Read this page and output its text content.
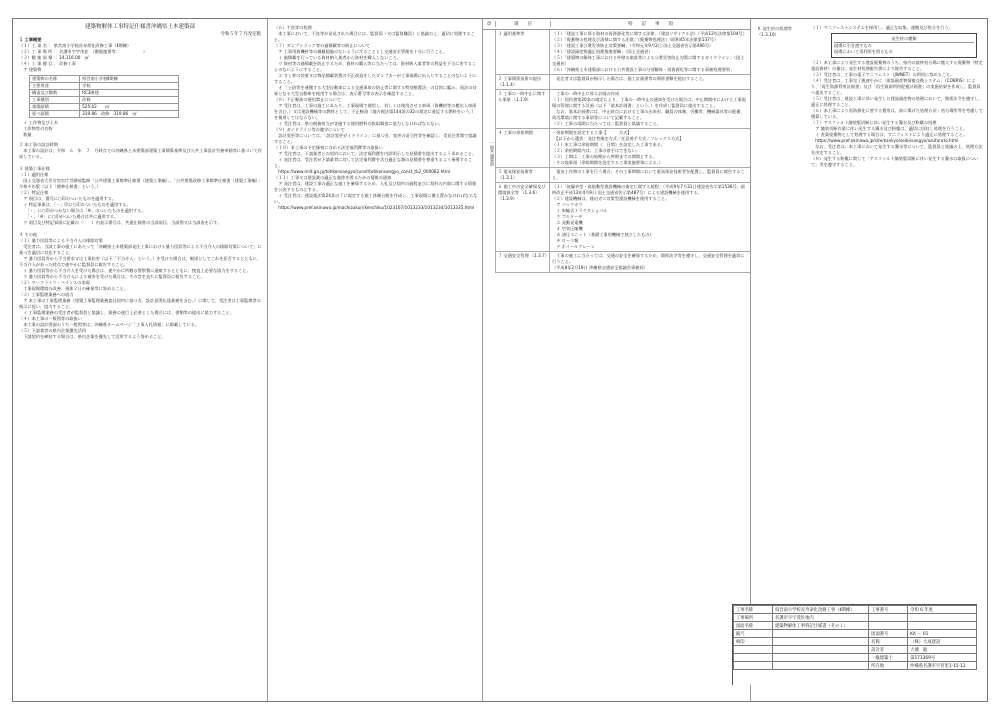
建築物解体工事特記仕様書沖縄県土木建築部
令和５年７月改定版
１ 工事概要
（１）工 事 名 ： 県営南小学校長寿命化改修工事（Ⅱ期棟）
（２）工 事 場 所 ： 名護市字宇茂佐　（敷地地番等：　　　　　　）
（３）敷 地 面 積 ： 14,116.00　㎡
（４）工 事 種 目 ： 改修工事
　ア 建築物
建築物の名称	県営南小学校Ⅱ期棟
主要用途	学校
構造及び階数	RC3階建
工事種別	改修
建築面積	525.02　　㎡
延べ面積	319.86　改修　319.86　㎡
　イ 工作物及び土木
　工作物等の名称
　数量
２ 本工事の設計時期
　本工事の設計は、令和　６　年　７　月時点での沖縄県土木建築部建築工事積算基準及び公共工事設計労務単価等に基づいて作成している。

３ 建築工事仕様
（１）適用仕様
　国土交通省大臣官房官庁営繕部監修「公共建築工事標準仕様書（建築工事編）」、「公共建築改修工事標準仕様書（建築工事編）」令和４年版（以下「標準仕様書」という。）
（２）特記仕様
　ア 項目は、番号に○印のついたものを適用する。
　イ 特記事項は、「・」印に○印のついたものを適用する。
　　「・」に○印がつかない場合は「※」のついたものを適用する。
　　「・」「※」に○印がついた場合は共に適用する。
　ウ 項目及び特記事項に記載の（　　）内表示番号は、共通仕様書の当該項目、当該図又は当該表を示す。

４ その他
（１）暴力団員等による不当介入の排除対策
　受注者は、当該工事の施工にあたって「沖縄県土木建築部発注工事における暴力団員等による不当介入の排除対策について」に基づき適切に対応すること。
　ア 暴力団員等から不当要求又は工事妨害（以下「不当介入」という。）を受けた場合は、断固としてこれを拒否するとともに、不当介入があった時点で速やかに監督員に報告すること。
　イ 暴力団員等から不当介入を受けた場合は、速やかに所轄の警察署に通報するとともに、捜査上必要な協力をすること。
　ウ 暴力団員等から不当介入による被害を受けた場合は、その旨を直ちに監督員に報告すること。
（２）ワークライフ・バランスの実現
　工事現場環境の改善、週休２日の確保等に努めること。
（３）工事監理業務への協力
　ア 本工事の工事監理業務（建築工事監理業務委託契約に基づき、設計意図伝達業務を含む。）に関して、受注者は工事監理者の指示に従い、協力すること。
　イ 工事監理業務の受注者が監督員と協議し、業務の遂行上必要とした場合には、書類等の提出に協力すること。
（４）本工事の一般図等の取扱い
　本工事の設計図面のうち一般図等は、沖縄県ホームページ「工事入札情報」に掲載している。
（５）下請業者の県内企業優先活用
　下請契約を締結する場合は、県内企業を優先して活用するよう努めること。
（６）不良等の処理
　本工事において、不良等が発見された場合には、監督員（又は監督職員）と協議の上、適切に処理すること。
（７）ダンプトラック等の過積載等の防止について
　ア 工事用資機材等の積載超過のないようにすることとし交通安全管理を十分に行うこと。
　イ 過積載を行っている資材納入業者から資材を購入しないこと。
　ウ 資材等の過積載を防止するため、資材の購入等に当たっては、資材納入業者等の利益を不当に害することのないようにすること。
　エ さし枠の装着又は物品積載装置の不正改造をしたダンプカーが工事現場に出入りすることのないようにすること。
　オ 「土砂等を運搬する大型自動車による交通事故の防止等に関する特別措置法」の目的に鑑み、同法の対象となる大型自動車を使用する場合は、表示番号等の表示を確認すること。
（８）不正軽油の使用禁止について
　ア 受注者は、工事の施工にあたり、工事現場で使用し、若しくは使用させる車両（資機材等の搬出入車両を含む。）又は建設機械等の燃料として、不正軽油（地方税法第144条の32の規定に違反する燃料をいう。）を使用してはならない。
　イ 受注者は、県の税務担当が実施する使用燃料の抜取調査に協力しなければならない。
（９）ガイドライン等の遵守について
　設計変更等については、「設計変更ガイドライン」に基づき、変更の妥当性等を確認し、受発注者間で協議すること。
（１０）本工事の予定価格に含める法定福利費等の取扱い
　ア 受注者は、下請業者との契約において、法定福利費を内訳明示した見積書を提出するよう求めること。
　イ 発注者は、受注者が下請業者に対して法定福利費を含む適正な額の見積書を尊重するよう指導すること。
　https://www.mlit.go.jp/totikensangyo/const/totikensangyo_const_tk2_000082.html
（１１）工事又は建設業の適正な進捗を図るための情報の通知
　ア 発注者は、建設工事の適正な施工を確保するため、入札及び契約の過程並びに契約の内容に関する情報を公表するものとする。
　イ 受注者は、建設業法第24条の７に規定する施工体制台帳を作成し、工事現場に備え置かなければならない。
　https://www.pref.okinawa.jp/machizukuri/kenchiku/1023167/1013233/1013234/1013335.html
章	項　　目	特　　記　　事　　項
一般共通事項
１ 適用基準等	（１）「建設工事に係る資材の再資源化等に関する法律」（建設リサイクル法）（平成12年法律第104号）
（２）「廃棄物の処理及び清掃に関する法律」（廃棄物処理法）（昭和45年法律第137号）
（３）「建設工事公衆災害防止対策要綱」（令和元年9月2日 国土交通省告示第496号）
（４）「建設副産物適正処理推進要綱」（国土交通省）
（５）「建築物の解体工事における外壁の崩落等による公衆災害防止対策に関するガイドライン」（国土交通省）
（６）「沖縄県土木建築部における公共建設工事の分別解体・再資源化等に関する事務処理要領」
２ 工事関係技術の提出 （1.1.4）
　発注者又は監督員が指示した場合は、施工計画書等の関係書類を提出すること。
３ 工事の一時中止に関する事項 （1.1.9）
　工事の一時中止に係る計画の作成
（１）契約書第20条の規定により、工事の一時中止の通知を受けた場合は、中止期間中における工事現場の管理に関する計画（以下「基本計画書」という。）を作成し監督員に提出すること。
　なお、基本計画書には、中止時点における工事の出来形、職員の体制、労働者、機械器具等の配備、周辺環境に関する事項等について記載すること。
（２）工事の再開に当たっては、監督員と協議すること。
４ 工事の余裕期間	・余裕期間を設定する工事【　　　方式】
　【以下から選択：発注者指定方式／任意着手方式／フレックス方式】
（１）本工事は余裕期間（　日間）を設定した工事である。
（２）余裕期間内は、工事の着手はできない。
（３）工期は、工事の始期から終期までの期間とする。
・その他事項（余裕期間を設定する工事実施要領による。）
５ 電気保安技術者 （1.3.1）
　電気工作物の工事を行う場合、その工事期間において電気保安技術者を配置し、監督員に報告すること。
６ 施工中の安全確保及び環境保全等 （1.3.6）（1.3.9）
（１）「低騒音型・低振動型建設機械の指定に関する規程」（平成9年7月31日建設省告示第1536号、最終改正平成13年4月9日 国土交通省告示第487号）による建設機械を使用する。
（２）建設機械は、排出ガス対策型建設機械を使用すること。
　ア バックホウ
　イ 車輪式トラクタショベル
　ウ ブルドーザ
　エ 発動発電機
　オ 空気圧縮機
　カ 油圧ユニット（基礎工事用機械で独立したもの）
　キ ローラ類
　ク ホイールクレーン
７ 交通安全管理 （1.3.7）	　工事の施工に当たっては、交通の安全を確保するため、関係法令等を遵守し、交通安全管理を適切に行うこと。
（平成8年2月19日 沖縄県交通安全協議会事務局）
８ 発生材の処理等（1.3.10）
（１）マニフェストシステムを採用し、適正な収集、運搬及び処分を行う。
発生材の種類
現場に引き渡すもの
現場において再利用を図るもの
（２）本工事により発生する建設廃棄物のうち、県内の最終処分場に搬入する廃棄物（特定建設資材）の量は、発生材処理報告書により報告すること。
（３）受注者は、工事の電子マニフェスト（JWNET）の利用に努めること。
（４）受注者は、工事完了後速やかに「建設副産物情報交換システム」（COBRIS）により、「再生資源利用計画書」及び「再生資源利用促進計画書」の実施結果を作成し、監督員へ提出すること。
（５）受注者は、建設工事に伴い発生した建設副産物の処理において、関係法令を遵守し、適正に処理すること。
（６）本工事により再資源化に要する費用は、前に掲げた処理方法・処分場所等を考慮して積算している。
（７）アスファルト舗装版切断に伴い発生する濁水及び粉塵の処理
　ア 舗装切断作業に伴い発生する濁水及び粉塵は、適切に回収し処理を行うこと。
　イ 産業廃棄物として処理する場合は、マニフェストにより適正に処理すること。
　https://www.pref.okinawa.jp/site/kankyo/seibi/sangyo/asufaruto.html
　なお、受注者は、本工事において発生する濁水等について、監督員と協議の上、処理方法を決定すること。
（８）発生する粉塵に関して「アスファルト舗装版切断に伴い発生する濁水の取扱について」等を遵守すること。
工事名称	県営南小学校長寿命化改修工事（Ⅱ期棟）	工事番号	令和 6 年度
工事場所	名護市字宇茂佐地内		
図面名称	建築物解体工事特記仕様書（その１）		
縮尺		図面番号	KA － 01
検印		名称	（株）大成建設
		設計者	大城　聡
		一級建築士	第173369号
		所在地	沖縄県名護市字宮里1-15-12
